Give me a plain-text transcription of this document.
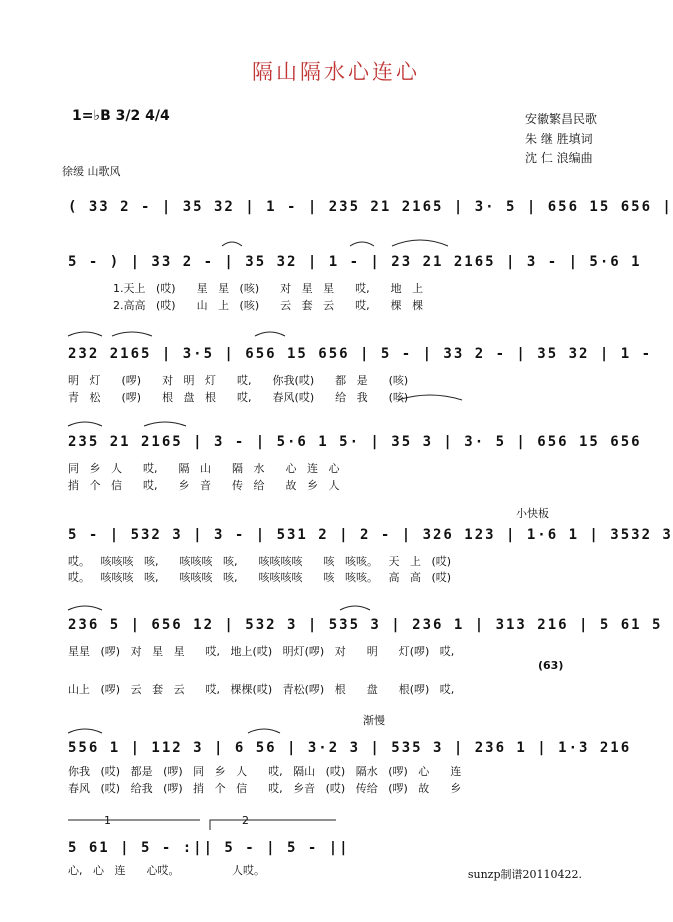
隔山隔水心连心
1=♭B 3/2 4/4	安徽繁昌民歌
朱 继 胜填词
沈 仁 浪编曲
徐缓 山歌风
( 33 2 - | 35 32 | 1 - | 235 21 2165 | 3· 5 | 656 15 656 |
5 - ) | 33 2 - | 35 32 | 1 - | 23 21 2165 | 3 - | 5·6 1
1.天上 (哎)  星 星 (咳)  对 星 星  哎,  地 上
2.高高 (哎)  山 上 (咳)  云 套 云  哎,  棵 棵
232 2165 | 3·5 | 656 15 656 | 5 - | 33 2 - | 35 32 | 1 -
明 灯  (啰)  对 明 灯  哎,  你我(哎)  都 是  (咳)
青 松  (啰)  根 盘 根  哎,  春风(哎)  给 我  (咳)
235 21 2165 | 3 - | 5·6 1 5· | 35 3 | 3· 5 | 656 15 656
同 乡 人  哎,  隔 山  隔 水  心 连 心
捎 个 信  哎,  乡 音  传 给  故 乡 人
小快板
5 - | 532 3 | 3 - | 531 2 | 2 - | 326 123 | 1·6 1 | 3532 3
哎。 咳咳咳 咳,  咳咳咳 咳,  咳咳咳咳  咳 咳咳。 天 上 (哎)
哎。 咳咳咳 咳,  咳咳咳 咳,  咳咳咳咳  咳 咳咳。 高 高 (哎)
236 5 | 656 12 | 532 3 | 535 3 | 236 1 | 313 216 | 5 61 5
星星 (啰) 对 星 星  哎, 地上(哎) 明灯(啰) 对  明  灯(啰) 哎,
(63)
山上 (啰) 云 套 云  哎, 棵棵(哎) 青松(啰) 根  盘  根(啰) 哎,
渐慢
556 1 | 112 3 | 6 56 | 3·2 3 | 535 3 | 236 1 | 1·3 216
你我 (哎) 都是 (啰) 同 乡 人  哎, 隔山 (哎) 隔水 (啰) 心  连
春风 (哎) 给我 (啰) 捎 个 信  哎, 乡音 (哎) 传给 (啰) 故  乡
1	2
5 61 | 5 - :|| 5 - | 5 - ||
心, 心 连  心哎。     人哎。	sunzp制谱20110422.
